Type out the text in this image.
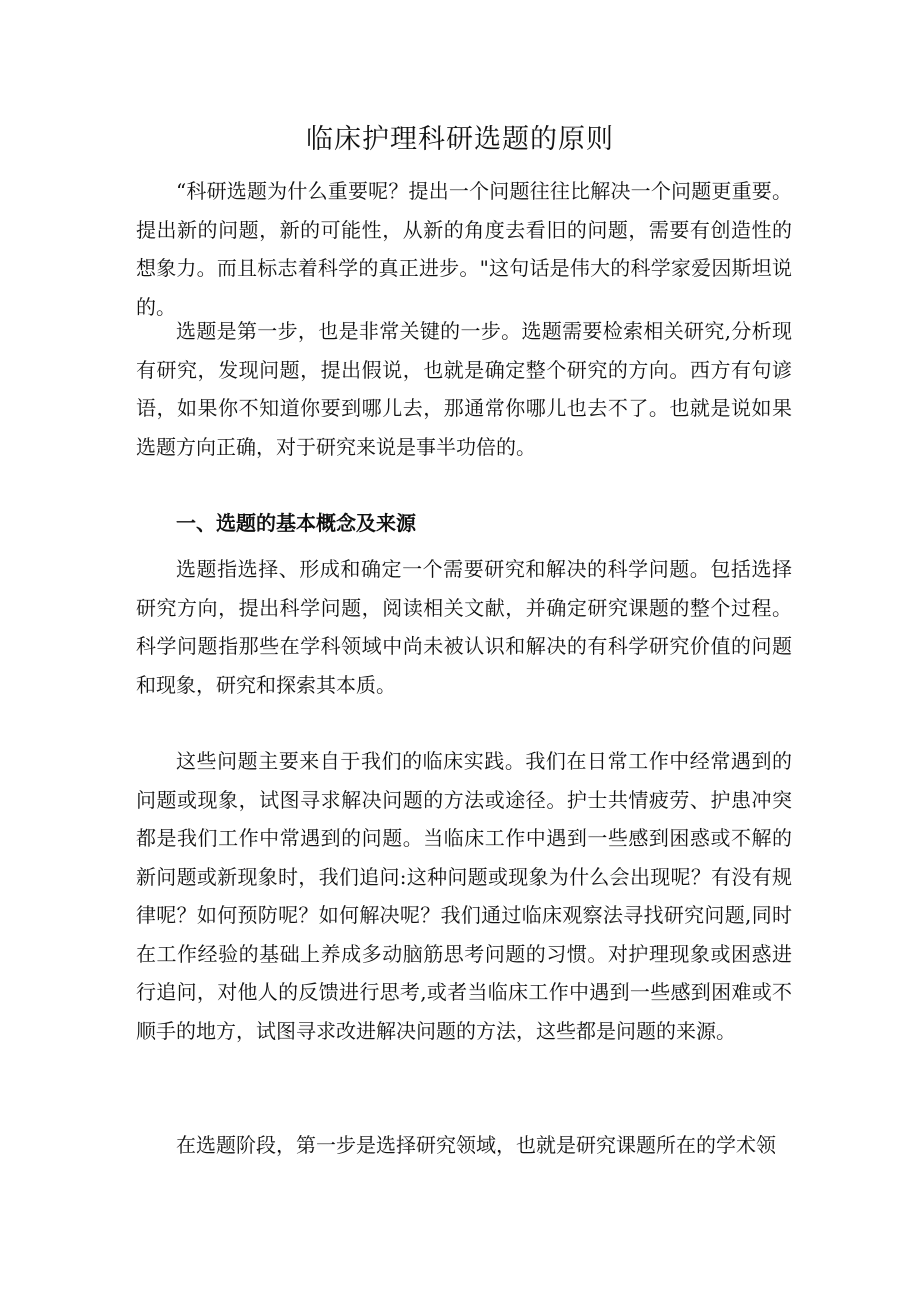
临床护理科研选题的原则

“科研选题为什么重要呢？提出一个问题往往比解决一个问题更重要。提出新的问题，新的可能性，从新的角度去看旧的问题，需要有创造性的想象力。而且标志着科学的真正进步。"这句话是伟大的科学家爱因斯坦说的。

选题是第一步，也是非常关键的一步。选题需要检索相关研究,分析现有研究，发现问题，提出假说，也就是确定整个研究的方向。西方有句谚语，如果你不知道你要到哪儿去，那通常你哪儿也去不了。也就是说如果选题方向正确，对于研究来说是事半功倍的。

一、选题的基本概念及来源

选题指选择、形成和确定一个需要研究和解决的科学问题。包括选择研究方向，提出科学问题，阅读相关文献，并确定研究课题的整个过程。科学问题指那些在学科领域中尚未被认识和解决的有科学研究价值的问题和现象，研究和探索其本质。

这些问题主要来自于我们的临床实践。我们在日常工作中经常遇到的问题或现象，试图寻求解决问题的方法或途径。护士共情疲劳、护患冲突都是我们工作中常遇到的问题。当临床工作中遇到一些感到困惑或不解的新问题或新现象时，我们追问:这种问题或现象为什么会出现呢？有没有规律呢？如何预防呢？如何解决呢？我们通过临床观察法寻找研究问题,同时在工作经验的基础上养成多动脑筋思考问题的习惯。对护理现象或困惑进行追问，对他人的反馈进行思考,或者当临床工作中遇到一些感到困难或不顺手的地方，试图寻求改进解决问题的方法，这些都是问题的来源。

在选题阶段，第一步是选择研究领域，也就是研究课题所在的学术领
